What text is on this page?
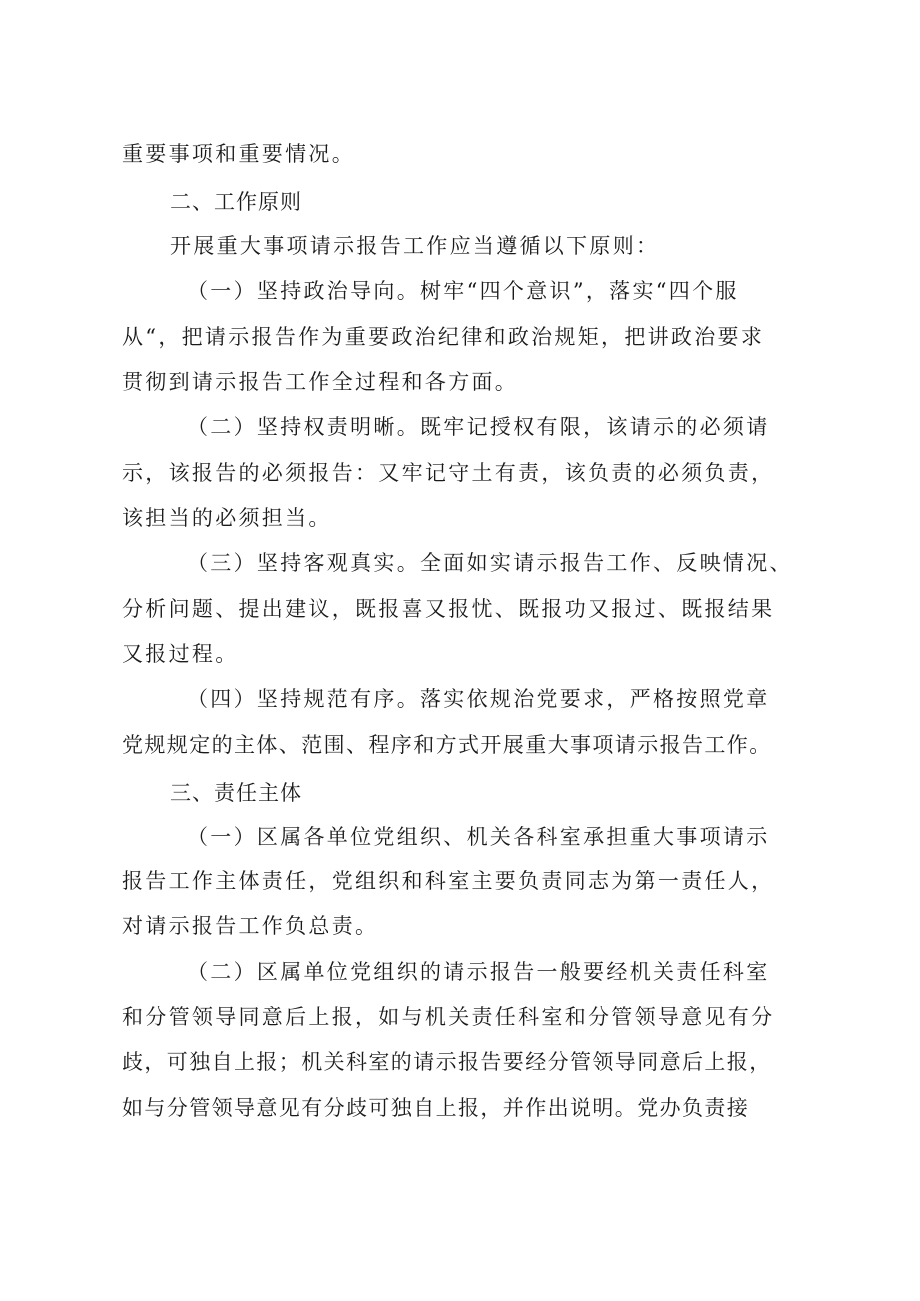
重要事项和重要情况。
二、工作原则
开展重大事项请示报告工作应当遵循以下原则：
（一）坚持政治导向。树牢“四个意识”，落实“四个服
从“，把请示报告作为重要政治纪律和政治规矩，把讲政治要求
贯彻到请示报告工作全过程和各方面。
（二）坚持权责明晰。既牢记授权有限，该请示的必须请
示，该报告的必须报告：又牢记守土有责，该负责的必须负责，
该担当的必须担当。
（三）坚持客观真实。全面如实请示报告工作、反映情况、
分析问题、提出建议，既报喜又报忧、既报功又报过、既报结果
又报过程。
（四）坚持规范有序。落实依规治党要求，严格按照党章
党规规定的主体、范围、程序和方式开展重大事项请示报告工作。
三、责任主体
（一）区属各单位党组织、机关各科室承担重大事项请示
报告工作主体责任，党组织和科室主要负责同志为第一责任人，
对请示报告工作负总责。
（二）区属单位党组织的请示报告一般要经机关责任科室
和分管领导同意后上报，如与机关责任科室和分管领导意见有分
歧，可独自上报；机关科室的请示报告要经分管领导同意后上报，
如与分管领导意见有分歧可独自上报，并作出说明。党办负责接
